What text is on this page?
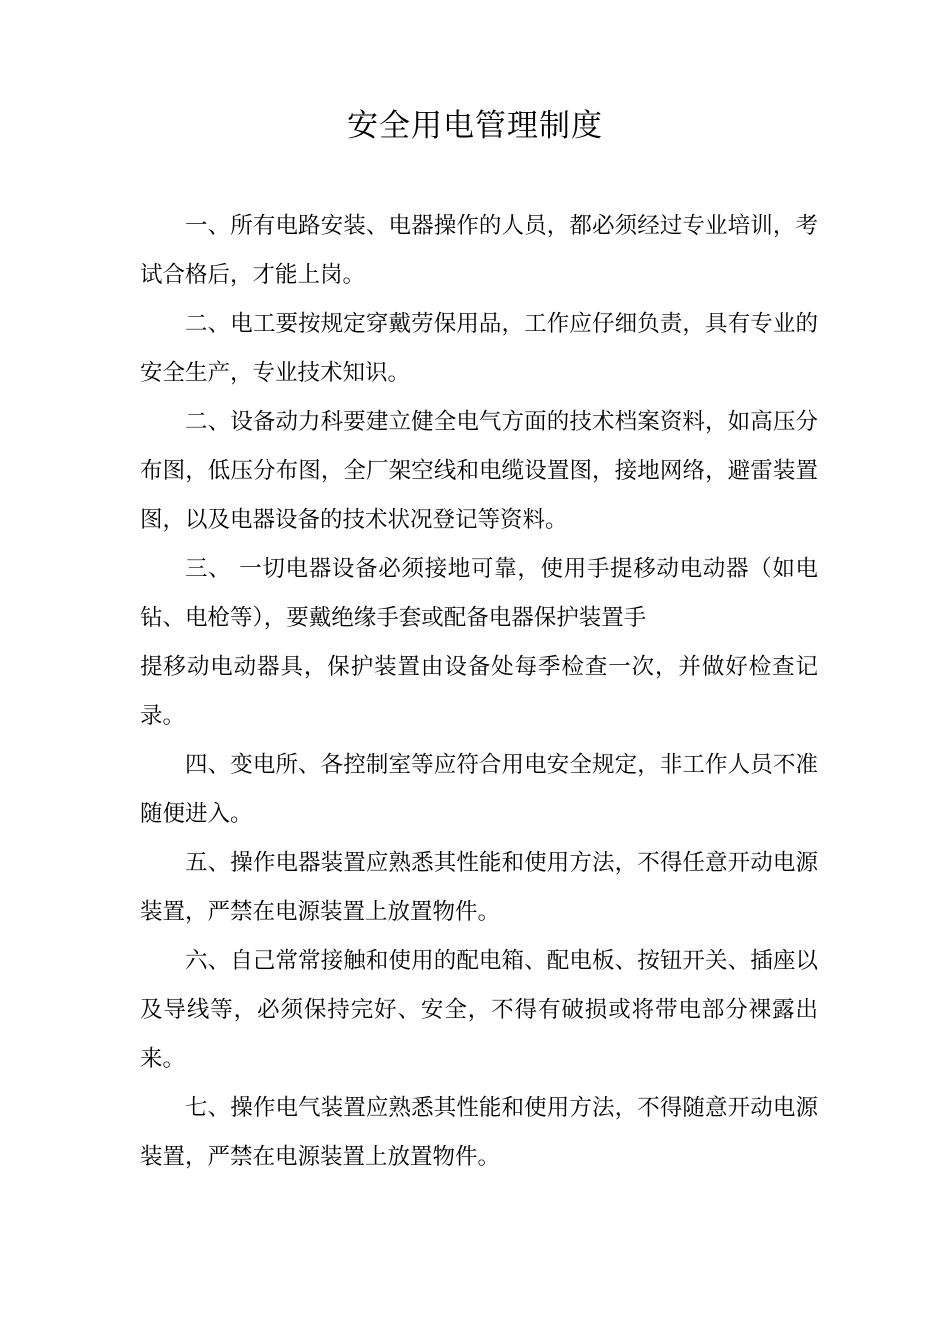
安全用电管理制度

一、所有电路安装、电器操作的人员，都必须经过专业培训，考试合格后，才能上岗。

二、电工要按规定穿戴劳保用品，工作应仔细负责，具有专业的安全生产，专业技术知识。

二、设备动力科要建立健全电气方面的技术档案资料，如高压分布图，低压分布图，全厂架空线和电缆设置图，接地网络，避雷装置图，以及电器设备的技术状况登记等资料。

三、 一切电器设备必须接地可靠，使用手提移动电动器（如电钻、电枪等），要戴绝缘手套或配备电器保护装置手

提移动电动器具，保护装置由设备处每季检查一次，并做好检查记录。

四、变电所、各控制室等应符合用电安全规定，非工作人员不准随便进入。

五、操作电器装置应熟悉其性能和使用方法，不得任意开动电源装置，严禁在电源装置上放置物件。

六、自己常常接触和使用的配电箱、配电板、按钮开关、插座以及导线等，必须保持完好、安全，不得有破损或将带电部分裸露出来。

七、操作电气装置应熟悉其性能和使用方法，不得随意开动电源装置，严禁在电源装置上放置物件。
